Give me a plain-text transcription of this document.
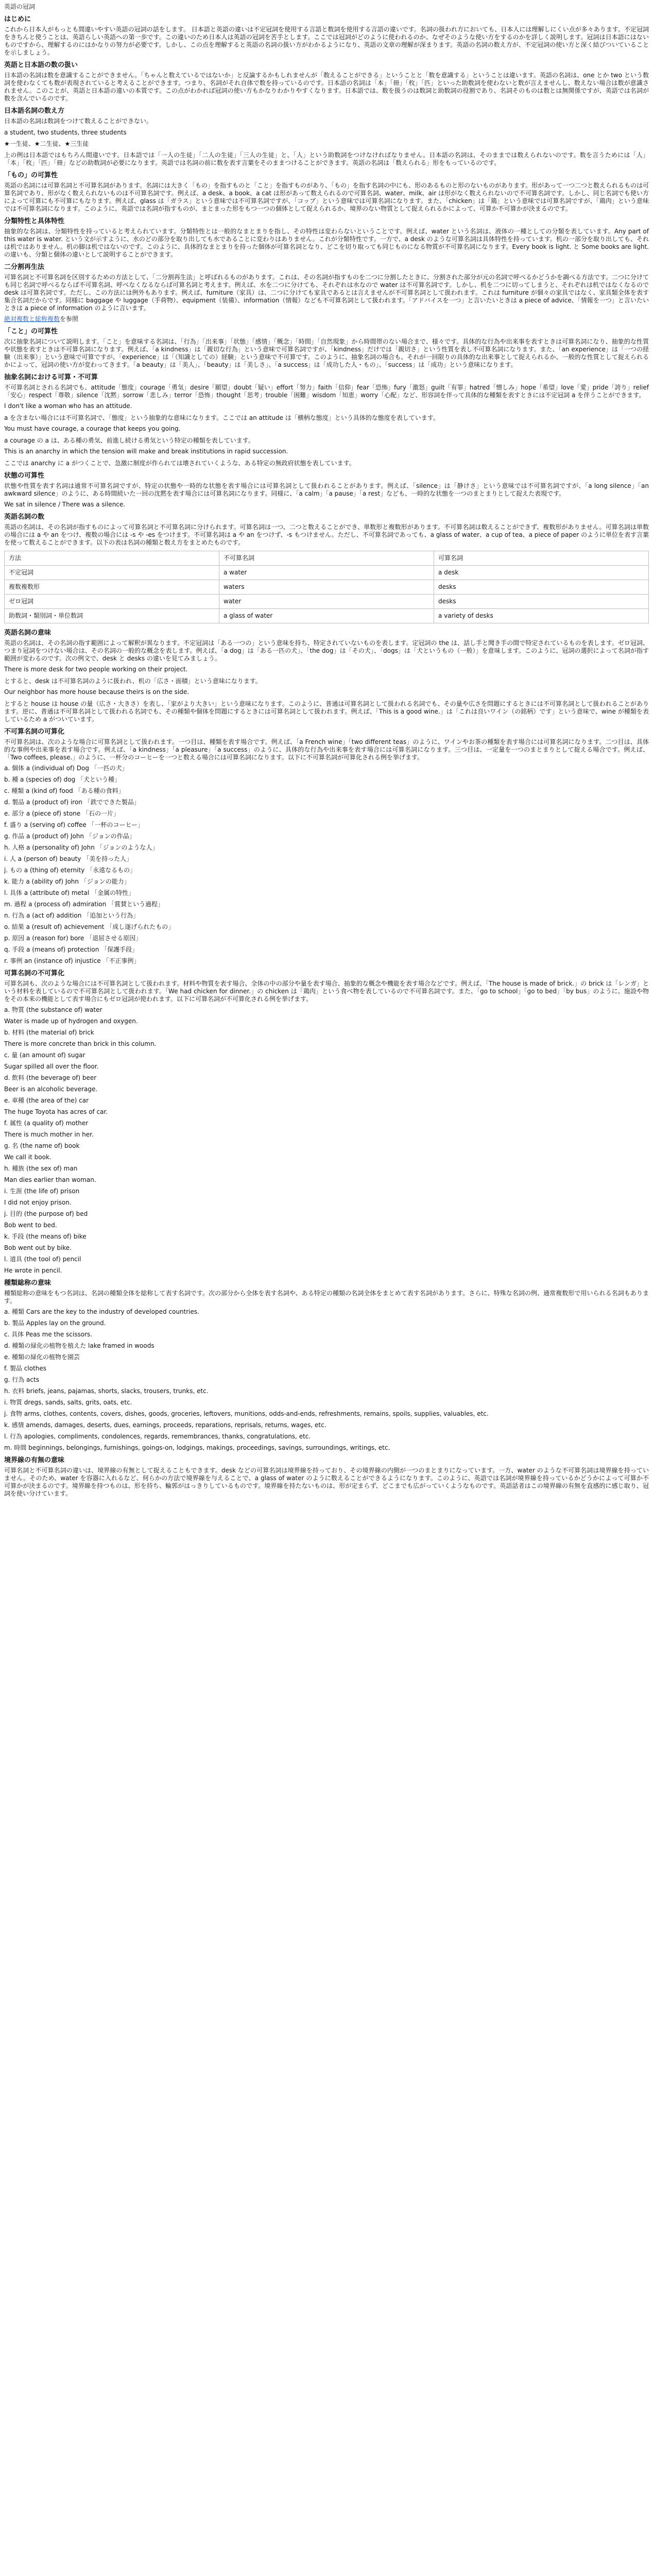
英語の冠詞
はじめに

これから日本人がもっとも間違いやすい英語の冠詞の話をします。 日本語と英語の違いは不定冠詞を使用する言語と数詞を使用する言語の違いです。名詞の扱われ方においても、日本人には理解しにくい点が多々あります。不定冠詞をきちんと使うことは、英語らしい英語への第一歩です。この違いのため日本人は英語の冠詞を苦手とします。ここでは冠詞がどのように使われるのか、なぜそのような使い方をするのかを詳しく説明します。冠詞は日本語にはないものですから、理解するのにはかなりの努力が必要です。しかし、この点を理解すると英語の名詞の扱い方がわかるようになり、英語の文章の理解が深まります。英語の名詞の数え方が、不定冠詞の使い方と深く結びついていることを示しましょう。

英語と日本語の数の扱い

日本語の名詞は数を意識することができません。「ちゃんと数えているではないか」と反論するかもしれませんが「数えることができる」ということと「数を意識する」ということは違います。英語の名詞は、one とか two という数詞を使わなくても数が表現されていると考えることができます。つまり、名詞がそれ自体で数を持っているのです。日本語の名詞は「本」「冊」「枚」「匹」といった助数詞を使わないと数が言えませんし、数えない場合は数が意識されません。このことが、英語と日本語の違いの本質です。この点がわかれば冠詞の使い方もかなりわかりやすくなります。日本語では、数を扱うのは数詞と助数詞の役割であり、名詞そのものは数とは無関係ですが、英語では名詞が数を含んでいるのです。

日本語名詞の数え方
日本語の名詞は数詞をつけて数えることができない。
a student, two students, three students
★一生徒、★二生徒、★三生徒

上の例は日本語ではもちろん間違いです。日本語では「一人の生徒」「二人の生徒」「三人の生徒」と、「人」という助数詞をつけなければなりません。日本語の名詞は、そのままでは数えられないのです。数を言うためには「人」「本」「枚」「匹」「冊」などの助数詞が必要になります。英語では名詞の前に数を表す言葉をそのままつけることができます。英語の名詞は「数えられる」形をもっているのです。

「もの」の可算性

英語の名詞には可算名詞と不可算名詞があります。名詞には大きく「もの」を指すものと「こと」を指すものがあり、「もの」を指す名詞の中にも、形のあるものと形のないものがあります。形があって一つ二つと数えられるものは可算名詞であり、形がなく数えられないものは不可算名詞です。例えば、a desk、a book、a cat は形があって数えられるので可算名詞、water、milk、air は形がなく数えられないので不可算名詞です。しかし、同じ名詞でも使い方によって可算にも不可算にもなります。例えば、glass は「ガラス」という意味では不可算名詞ですが、「コップ」という意味では可算名詞になります。また、「chicken」は「鶏」という意味では可算名詞ですが、「鶏肉」という意味では不可算名詞になります。このように、英語では名詞が指すものが、まとまった形をもつ一つの個体として捉えられるか、境界のない物質として捉えられるかによって、可算か不可算かが決まるのです。

分類特性と具体特性

抽象的な名詞は、分類特性を持っていると考えられています。分類特性とは一般的なまとまりを指し、その特性は変わらないということです。例えば、water という名詞は、液体の一種としての分類を表しています。Any part of this water is water. という文が示すように、水のどの部分を取り出しても水であることに変わりはありません。これが分類特性です。一方で、a desk のような可算名詞は具体特性を持っています。机の一部分を取り出しても、それは机ではありません。机の脚は机ではないのです。このように、具体的なまとまりを持った個体が可算名詞となり、どこを切り取っても同じものになる物質が不可算名詞になります。Every book is light. と Some books are light. の違いも、分類と個体の違いとして説明することができます。

二分割再生法

可算名詞と不可算名詞を区別するための方法として、「二分割再生法」と呼ばれるものがあります。これは、その名詞が指すものを二つに分割したときに、分割された部分が元の名詞で呼べるかどうかを調べる方法です。二つに分けても同じ名詞で呼べるならば不可算名詞、呼べなくなるならば可算名詞と考えます。例えば、水を二つに分けても、それぞれは水なので water は不可算名詞です。しかし、机を二つに切ってしまうと、それぞれは机ではなくなるので desk は可算名詞です。ただし、この方法には例外もあります。例えば、furniture（家具）は、二つに分けても家具であるとは言えませんが不可算名詞として扱われます。これは furniture が個々の家具ではなく、家具類全体を表す集合名詞だからです。同様に baggage や luggage（手荷物）、equipment（装備）、information（情報）なども不可算名詞として扱われます。「アドバイスを一つ」と言いたいときは a piece of advice、「情報を一つ」と言いたいときは a piece of information のように言います。

絶対複数と総称複数を参照
「こと」の可算性

次に抽象名詞について説明します。「こと」を意味する名詞は、「行為」「出来事」「状態」「感情」「概念」「時間」「自然現象」から時間帯のない場合まで、様々です。具体的な行為や出来事を表すときは可算名詞になり、抽象的な性質や状態を表すときは不可算名詞になります。例えば、「a kindness」は「親切な行為」という意味で可算名詞ですが、「kindness」だけでは「親切さ」という性質を表し不可算名詞になります。また、「an experience」は「一つの経験（出来事）」という意味で可算ですが、「experience」は「（知識としての）経験」という意味で不可算です。このように、抽象名詞の場合も、それが一回限りの具体的な出来事として捉えられるか、一般的な性質として捉えられるかによって、冠詞の使い方が変わってきます。「a beauty」は「美人」、「beauty」は「美しさ」、「a success」は「成功した人・もの」、「success」は「成功」という意味になります。

抽象名詞における可算・不可算

不可算名詞とされる名詞でも、attitude「態度」courage「勇気」desire「願望」doubt「疑い」effort「努力」faith「信仰」fear「恐怖」fury「激怒」guilt「有罪」hatred「憎しみ」hope「希望」love「愛」pride「誇り」relief「安心」respect「尊敬」silence「沈黙」sorrow「悲しみ」terror「恐怖」thought「思考」trouble「困難」wisdom「知恵」worry「心配」など、形容詞を伴って具体的な種類を表すときには不定冠詞 a を伴うことができます。

I don't like a woman who has an attitude.

a を含まない場合には不可算名詞で、「態度」という抽象的な意味になります。ここでは an attitude は「横柄な態度」という具体的な態度を表しています。

You must have courage, a courage that keeps you going.

a courage の a は、ある種の勇気、前進し続ける勇気という特定の種類を表しています。

This is an anarchy in which the tension will make and break institutions in rapid succession.

ここでは anarchy に a がつくことで、急激に制度が作られては壊されていくような、ある特定の無政府状態を表しています。

状態の可算性

状態や性質を表す名詞は通常不可算名詞ですが、特定の状態や一時的な状態を表す場合には可算名詞として扱われることがあります。例えば、「silence」は「静けさ」という意味では不可算名詞ですが、「a long silence」「an awkward silence」のように、ある時間続いた一回の沈黙を表す場合には可算名詞になります。同様に、「a calm」「a pause」「a rest」なども、一時的な状態を一つのまとまりとして捉えた表現です。

We sat in silence / There was a silence.
英語名詞の数

英語の名詞は、その名詞が指すものによって可算名詞と不可算名詞に分けられます。可算名詞は一つ、二つと数えることができ、単数形と複数形があります。不可算名詞は数えることができず、複数形がありません。可算名詞は単数の場合には a や an をつけ、複数の場合には -s や -es をつけます。不可算名詞は a や an をつけず、-s もつけません。ただし、不可算名詞であっても、a glass of water、a cup of tea、a piece of paper のように単位を表す言葉を使って数えることができます。以下の表は名詞の種類と数え方をまとめたものです。

方法	不可算名詞	可算名詞
不定冠詞	a water	a desk
複数複数形	waters	desks
ゼロ冠詞	water	desks
助数詞・類別詞・単位数詞	a glass of water	a variety of desks
英語名詞の意味

英語の名詞は、その名詞の指す範囲によって解釈が異なります。不定冠詞は「ある一つの」という意味を持ち、特定されていないものを表します。定冠詞の the は、話し手と聞き手の間で特定されているものを表します。ゼロ冠詞、つまり冠詞をつけない場合は、その名詞の一般的な概念を表します。例えば、「a dog」は「ある一匹の犬」、「the dog」は「その犬」、「dogs」は「犬というもの（一般）」を意味します。このように、冠詞の選択によって名詞が指す範囲が変わるのです。次の例文で、desk と desks の違いを見てみましょう。

There is more desk for two people working on their project.

とすると、desk は不可算名詞のように扱われ、机の「広さ・面積」という意味になります。

Our neighbor has more house because theirs is on the side.

とすると house は house の量（広さ・大きさ）を表し、「家がより大きい」という意味になります。このように、普通は可算名詞として扱われる名詞でも、その量や広さを問題にするときには不可算名詞として扱われることがあります。逆に、普通は不可算名詞として扱われる名詞でも、その種類や個体を問題にするときには可算名詞として扱われます。例えば、「This is a good wine.」は「これは良いワイン（の銘柄）です」という意味で、wine が種類を表しているため a がついています。

不可算名詞の可算化

不可算名詞は、次のような場合に可算名詞として扱われます。一つ目は、種類を表す場合です。例えば、「a French wine」「two different teas」のように、ワインやお茶の種類を表す場合には可算名詞になります。二つ目は、具体的な事例や出来事を表す場合です。例えば、「a kindness」「a pleasure」「a success」のように、具体的な行為や出来事を表す場合には可算名詞になります。三つ目は、一定量を一つのまとまりとして捉える場合です。例えば、「Two coffees, please.」のように、一杯分のコーヒーを一つと数える場合には可算名詞になります。以下に不可算名詞が可算化される例を挙げます。

a. 個体 a (individual of) Dog 「一匹の犬」
b. 種 a (species of) dog 「犬という種」
c. 種類 a (kind of) food 「ある種の食料」
d. 製品 a (product of) iron 「鉄でできた製品」
e. 部分 a (piece of) stone 「石の一片」
f. 盛り a (serving of) coffee 「一杯のコーヒー」
g. 作品 a (product of) John 「ジョンの作品」
h. 人格 a (personality of) John 「ジョンのような人」
i. 人 a (person of) beauty 「美を持った人」
j. もの a (thing of) eternity 「永遠なるもの」
k. 能力 a (ability of) John 「ジョンの能力」
l. 具体 a (attribute of) metal 「金属の特性」
m. 過程 a (process of) admiration 「賞賛という過程」
n. 行為 a (act of) addition 「追加という行為」
o. 結果 a (result of) achievement 「成し遂げられたもの」
p. 原因 a (reason for) bore 「退屈させる原因」
q. 手段 a (means of) protection 「保護手段」
r. 事例 an (instance of) injustice 「不正事例」
可算名詞の不可算化

可算名詞も、次のような場合には不可算名詞として扱われます。材料や物質を表す場合、全体の中の部分や量を表す場合、抽象的な概念や機能を表す場合などです。例えば、「The house is made of brick.」の brick は「レンガ」という材料を表しているので不可算名詞として扱われます。「We had chicken for dinner.」の chicken は「鶏肉」という食べ物を表しているので不可算名詞です。また、「go to school」「go to bed」「by bus」のように、施設や物をその本来の機能として表す場合にもゼロ冠詞が使われます。以下に可算名詞が不可算化される例を挙げます。

a. 物質 (the substance of) water
Water is made up of hydrogen and oxygen.
b. 材料 (the material of) brick
There is more concrete than brick in this column.
c. 量 (an amount of) sugar
Sugar spilled all over the floor.
d. 飲料 (the beverage of) beer
Beer is an alcoholic beverage.
e. 車種 (the area of the) car
The huge Toyota has acres of car.
f. 属性 (a quality of) mother
There is much mother in her.
g. 名 (the name of) book
We call it book.
h. 種族 (the sex of) man
Man dies earlier than woman.
i. 生涯 (the life of) prison
I did not enjoy prison.
j. 目的 (the purpose of) bed
Bob went to bed.
k. 手段 (the means of) bike
Bob went out by bike.
l. 道具 (the tool of) pencil
He wrote in pencil.
種類総称の意味

種類総称の意味をもつ名詞は、名詞の種類全体を総称して表す名詞です。次の部分から全体を表す名詞や、ある特定の種類の名詞全体をまとめて表す名詞があります。さらに、特殊な名詞の例、通常複数形で用いられる名詞もあります。

a. 種類 Cars are the key to the industry of developed countries.
b. 製品 Apples lay on the ground.
c. 具体 Peas me the scissors.
d. 種類の緑化の植物を植えた lake framed in woods
e. 種類の緑化の植物を園芸
f. 製品 clothes
g. 行為 acts
h. 衣料 briefs, jeans, pajamas, shorts, slacks, trousers, trunks, etc.
i. 物質 dregs, sands, salts, grits, oats, etc.
j. 食物 arms, clothes, contents, covers, dishes, goods, groceries, leftovers, munitions, odds-and-ends, refreshments, remains, spoils, supplies, valuables, etc.
k. 感情 amends, damages, deserts, dues, earnings, proceeds, reparations, reprisals, returns, wages, etc.
l. 行為 apologies, compliments, condolences, regards, remembrances, thanks, congratulations, etc.
m. 時間 beginnings, belongings, furnishings, goings-on, lodgings, makings, proceedings, savings, surroundings, writings, etc.
境界線の有無の意味

可算名詞と不可算名詞の違いは、境界線の有無として捉えることもできます。desk などの可算名詞は境界線を持っており、その境界線の内側が一つのまとまりになっています。一方、water のような不可算名詞は境界線を持っていません。そのため、water を容器に入れるなど、何らかの方法で境界線を与えることで、a glass of water のように数えることができるようになります。このように、英語では名詞が境界線を持っているかどうかによって可算か不可算かが決まるのです。境界線を持つものは、形を持ち、輪郭がはっきりしているものです。境界線を持たないものは、形が定まらず、どこまでも広がっていくようなものです。英語話者はこの境界線の有無を直感的に感じ取り、冠詞を使い分けています。
